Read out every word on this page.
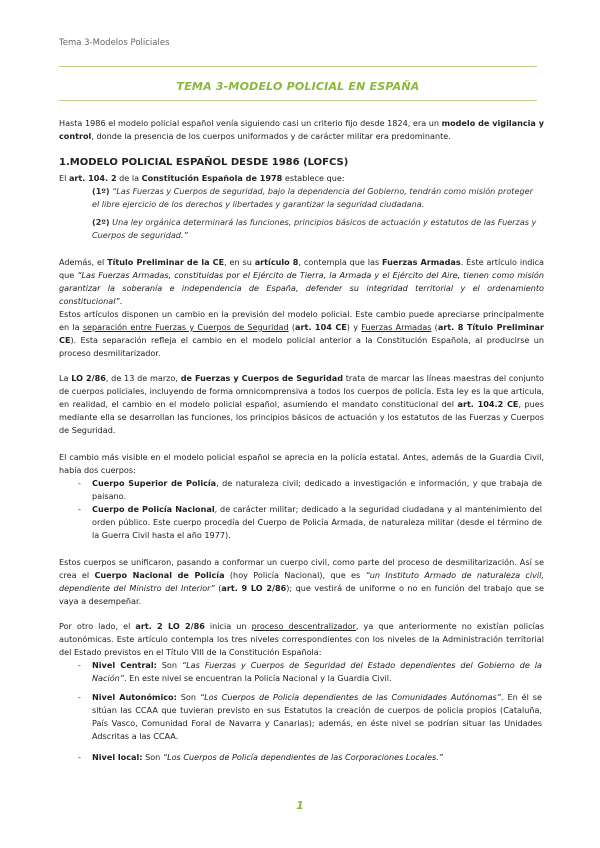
Tema 3-Modelos Policiales
TEMA 3-MODELO POLICIAL EN ESPAÑA

Hasta 1986 el modelo policial español venía siguiendo casi un criterio fijo desde 1824, era un modelo de vigilancia y control, donde la presencia de los cuerpos uniformados y de carácter militar era predominante.

1.MODELO POLICIAL ESPAÑOL DESDE 1986 (LOFCS)

El art. 104. 2 de la Constitución Española de 1978 establece que:

(1º) “Las Fuerzas y Cuerpos de seguridad, bajo la dependencia del Gobierno, tendrán como misión proteger el libre ejercicio de los derechos y libertades y garantizar la seguridad ciudadana.
(2º) Una ley orgánica determinará las funciones, principios básicos de actuación y estatutos de las Fuerzas y Cuerpos de seguridad.”

Además, el Título Preliminar de la CE, en su artículo 8, contempla que las Fuerzas Armadas. Éste artículo indica que “Las Fuerzas Armadas, constituidas por el Ejército de Tierra, la Armada y el Ejército del Aire, tienen como misión garantizar la soberanía e independencia de España, defender su integridad territorial y el ordenamiento constitucional”.

Estos artículos disponen un cambio en la previsión del modelo policial. Este cambio puede apreciarse principalmente en la separación entre Fuerzas y Cuerpos de Seguridad (art. 104 CE) y Fuerzas Armadas (art. 8 Título Preliminar CE). Esta separación refleja el cambio en el modelo policial anterior a la Constitución Española, al producirse un proceso desmilitarizador.

La LO 2/86, de 13 de marzo, de Fuerzas y Cuerpos de Seguridad trata de marcar las líneas maestras del conjunto de cuerpos policiales, incluyendo de forma omnicomprensiva a todos los cuerpos de policía. Esta ley es la que articula, en realidad, el cambio en el modelo policial español, asumiendo el mandato constitucional del art. 104.2 CE, pues mediante ella se desarrollan las funciones, los principios básicos de actuación y los estatutos de las Fuerzas y Cuerpos de Seguridad.

El cambio más visible en el modelo policial español se aprecia en la policía estatal. Antes, además de la Guardia Civil, había dos cuerpos:

- Cuerpo Superior de Policía, de naturaleza civil; dedicado a investigación e información, y que trabaja de paisano.
- Cuerpo de Policía Nacional, de carácter militar; dedicado a la seguridad ciudadana y al mantenimiento del orden público. Este cuerpo procedía del Cuerpo de Policía Armada, de naturaleza militar (desde el término de la Guerra Civil hasta el año 1977).

Estos cuerpos se unificaron, pasando a conformar un cuerpo civil, como parte del proceso de desmilitarización. Así se crea el Cuerpo Nacional de Policía (hoy Policía Nacional), que es “un Instituto Armado de naturaleza civil, dependiente del Ministro del Interior” (art. 9 LO 2/86); que vestirá de uniforme o no en función del trabajo que se vaya a desempeñar.

Por otro lado, el art. 2 LO 2/86 inicia un proceso descentralizador, ya que anteriormente no existían policías autonómicas. Este artículo contempla los tres niveles correspondientes con los niveles de la Administración territorial del Estado previstos en el Título VIII de la Constitución Española:

- Nivel Central: Son “Las Fuerzas y Cuerpos de Seguridad del Estado dependientes del Gobierno de la Nación”. En este nivel se encuentran la Policía Nacional y la Guardia Civil.
- Nivel Autonómico: Son “Los Cuerpos de Policía dependientes de las Comunidades Autónomas”. En él se sitúan las CCAA que tuvieran previsto en sus Estatutos la creación de cuerpos de policía propios (Cataluña, País Vasco, Comunidad Foral de Navarra y Canarias); además, en éste nivel se podrían situar las Unidades Adscritas a las CCAA.
- Nivel local: Son “Los Cuerpos de Policía dependientes de las Corporaciones Locales.”
1
